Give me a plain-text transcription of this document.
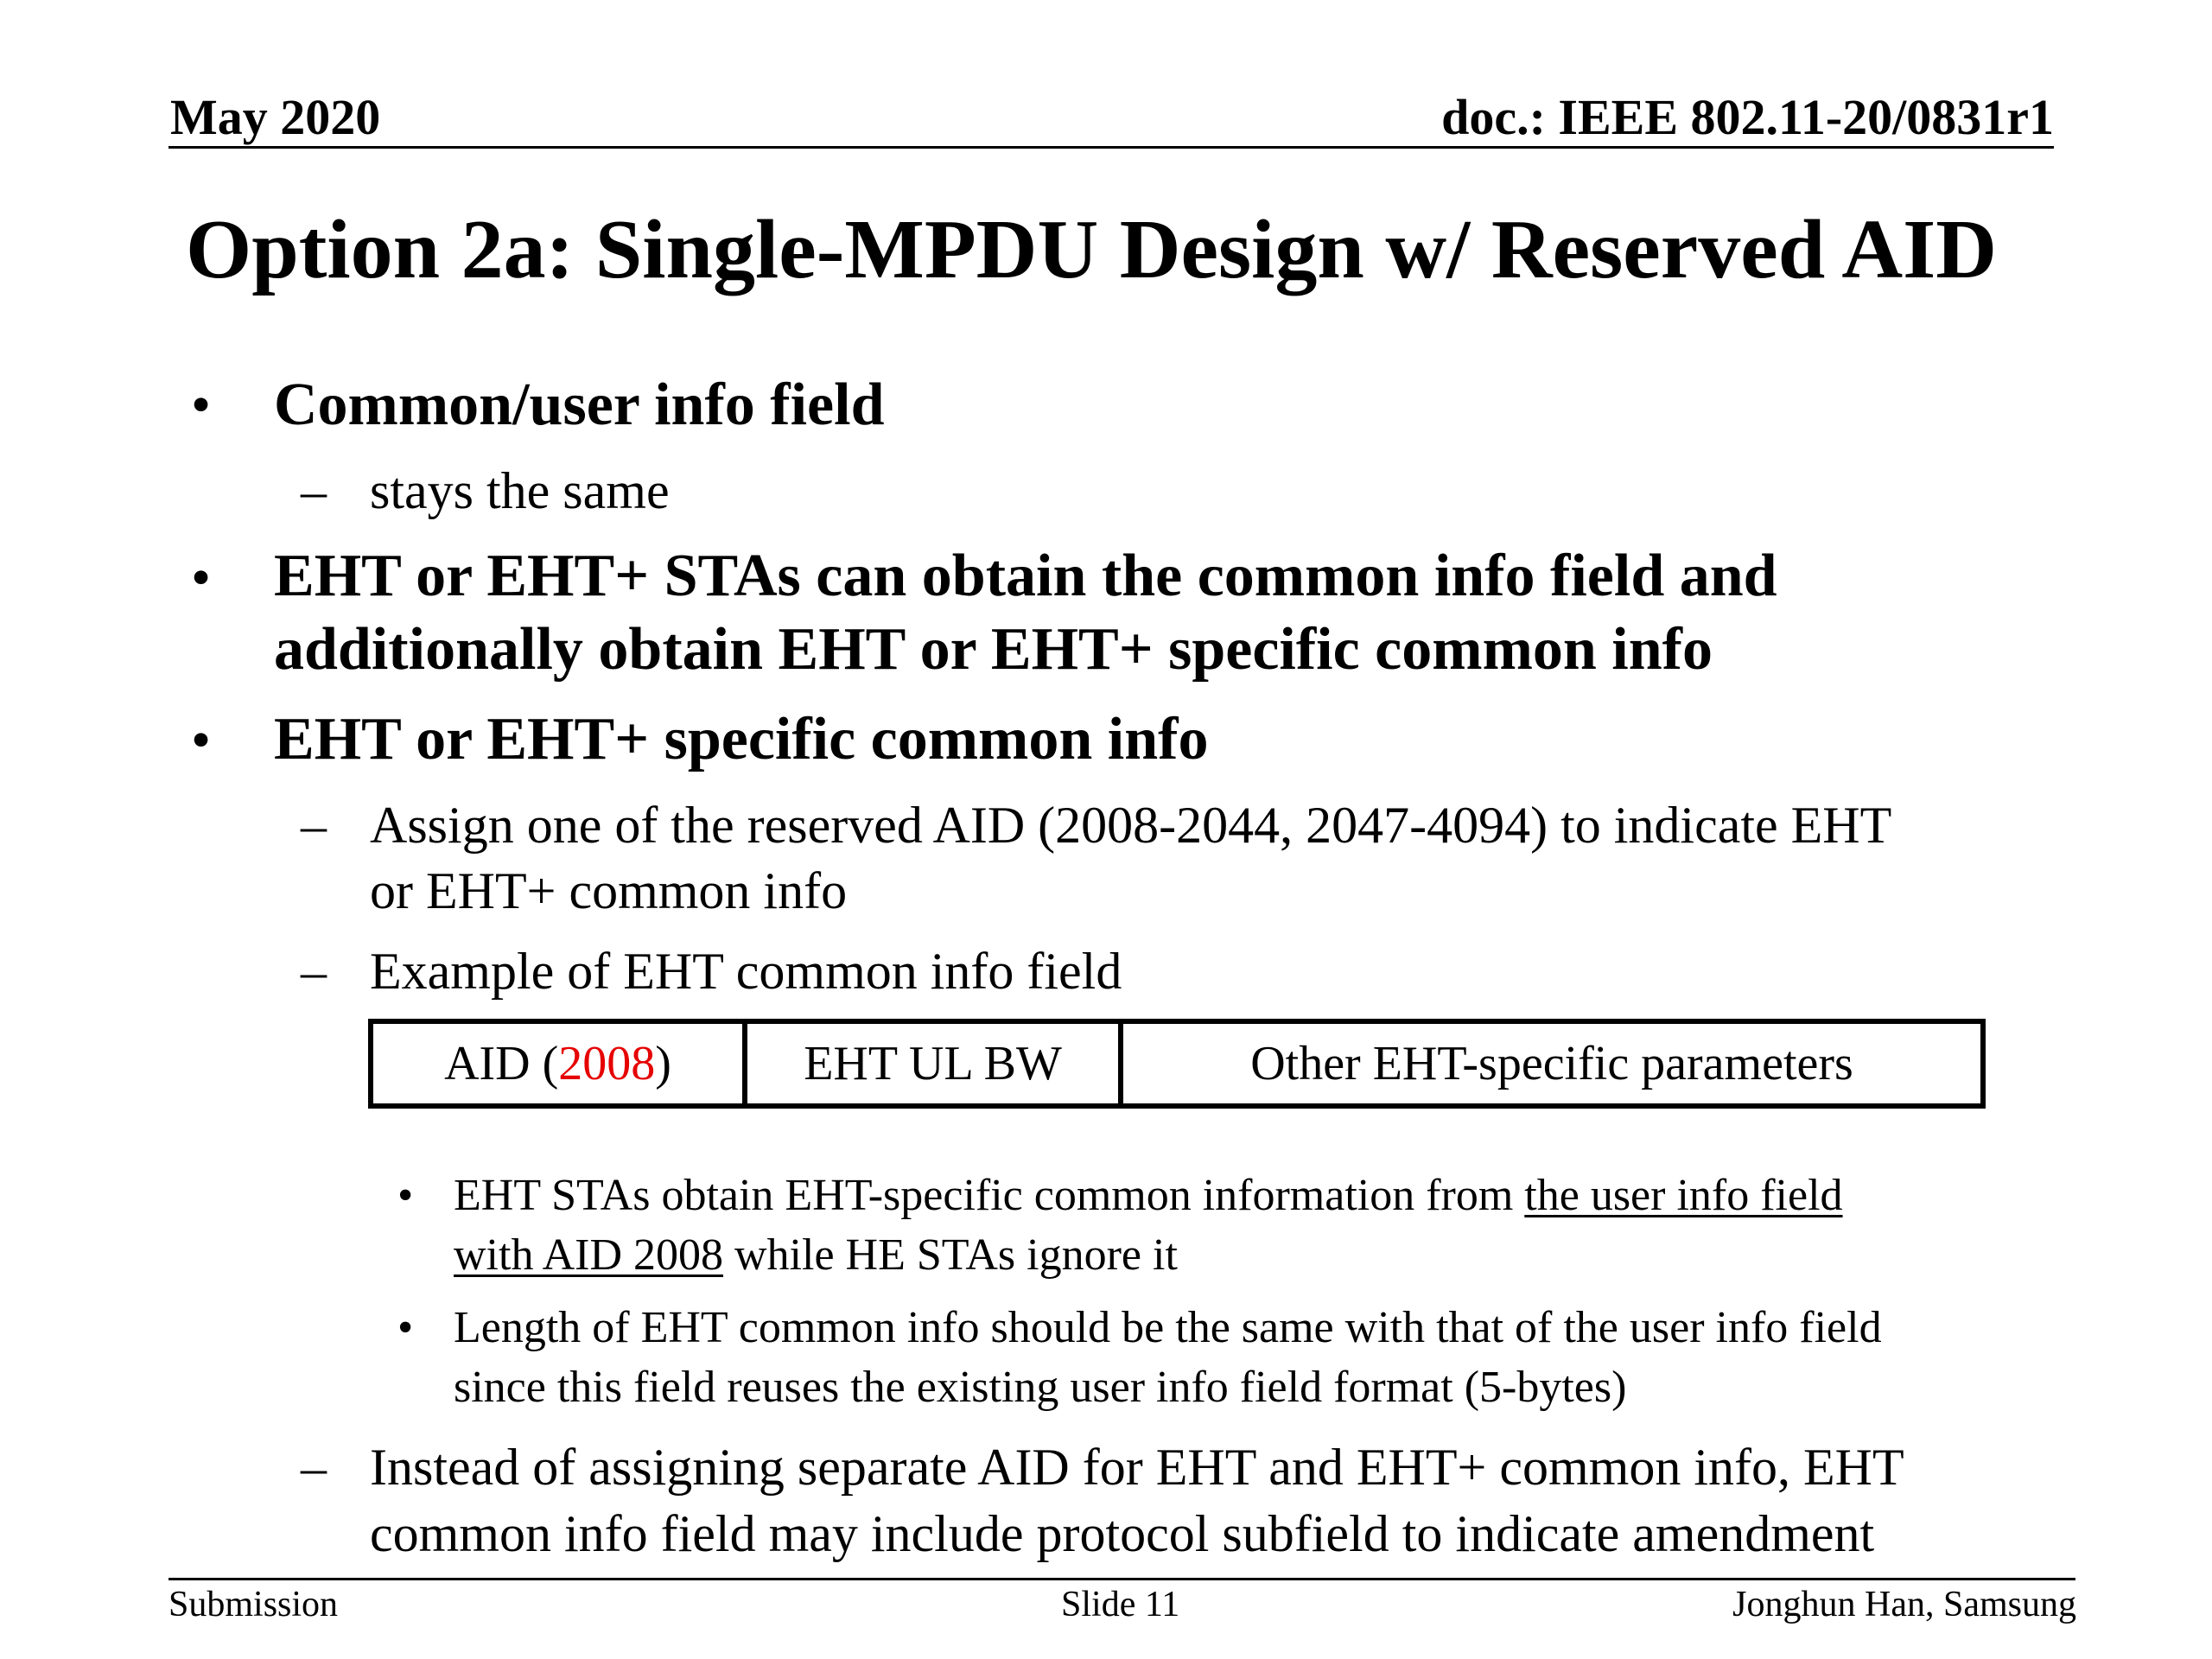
May 2020	doc.: IEEE 802.11-20/0831r1
Option 2a: Single-MPDU Design w/ Reserved AID
• Common/user info field
– stays the same
• EHT or EHT+ STAs can obtain the common info field and
additionally obtain EHT or EHT+ specific common info
• EHT or EHT+ specific common info
– Assign one of the reserved AID (2008-2044, 2047-4094) to indicate EHT
or EHT+ common info
– Example of EHT common info field
AID ( 2008 )	EHT UL BW	Other EHT-specific parameters
• EHT STAs obtain EHT-specific common information from the user info field
with AID 2008 while HE STAs ignore it
• Length of EHT common info should be the same with that of the user info field
since this field reuses the existing user info field format (5-bytes)
– Instead of assigning separate AID for EHT and EHT+ common info, EHT
common info field may include protocol subfield to indicate amendment
Submission	Slide 11	Jonghun Han, Samsung
